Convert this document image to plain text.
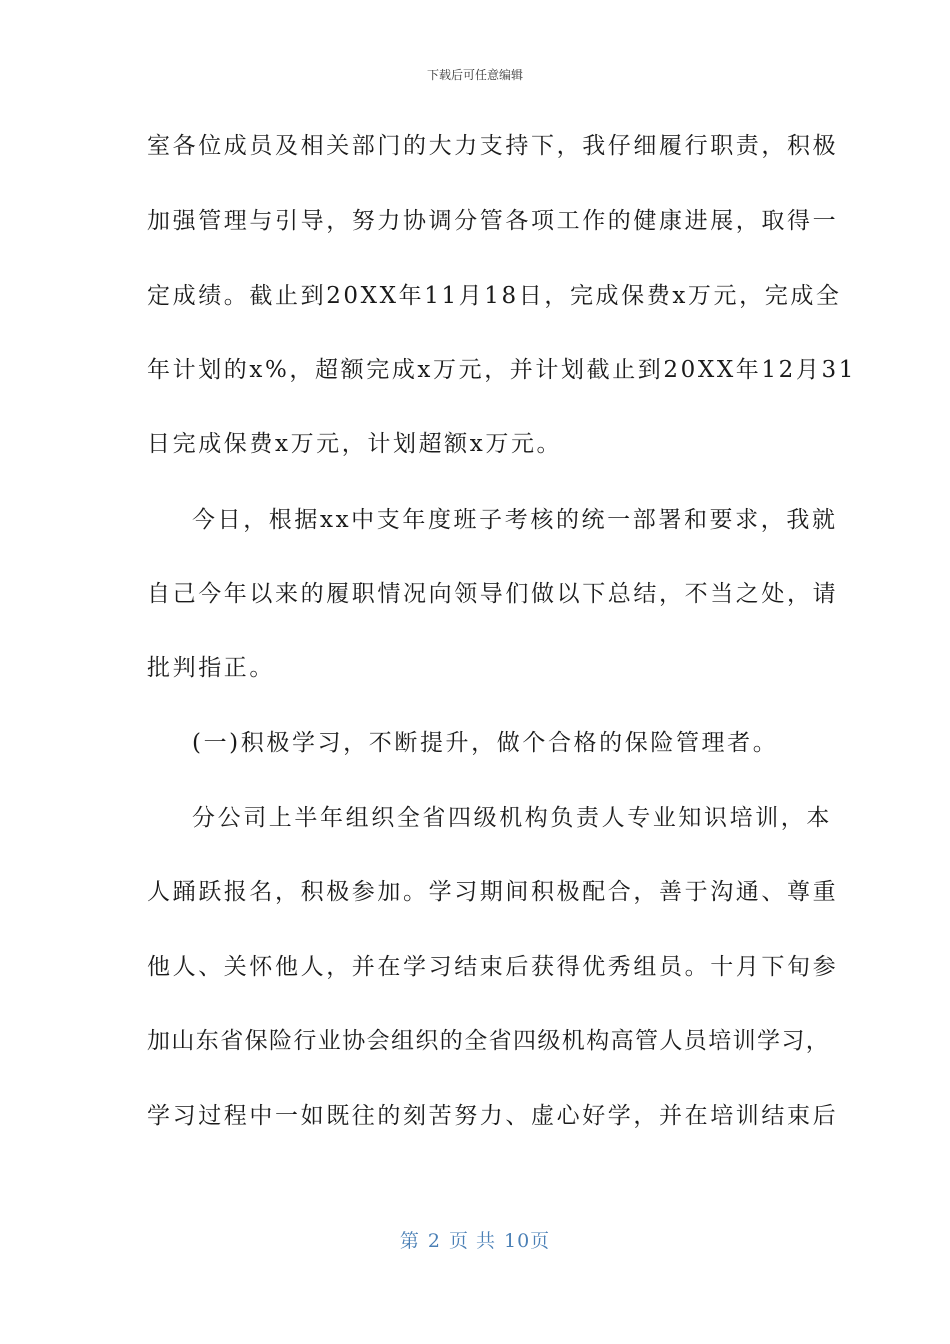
下载后可任意编辑
室各位成员及相关部门的大力支持下，我仔细履行职责，积极
加强管理与引导，努力协调分管各项工作的健康进展，取得一
定成绩。截止到20XX年11月18日，完成保费x万元，完成全
年计划的x%，超额完成x万元，并计划截止到20XX年12月31
日完成保费x万元，计划超额x万元。
今日，根据xx中支年度班子考核的统一部署和要求，我就
自己今年以来的履职情况向领导们做以下总结，不当之处，请
批判指正。
(一)积极学习，不断提升，做个合格的保险管理者。
分公司上半年组织全省四级机构负责人专业知识培训，本
人踊跃报名，积极参加。学习期间积极配合，善于沟通、尊重
他人、关怀他人，并在学习结束后获得优秀组员。十月下旬参
加山东省保险行业协会组织的全省四级机构高管人员培训学习，
学习过程中一如既往的刻苦努力、虚心好学，并在培训结束后
第 2 页 共 10页
